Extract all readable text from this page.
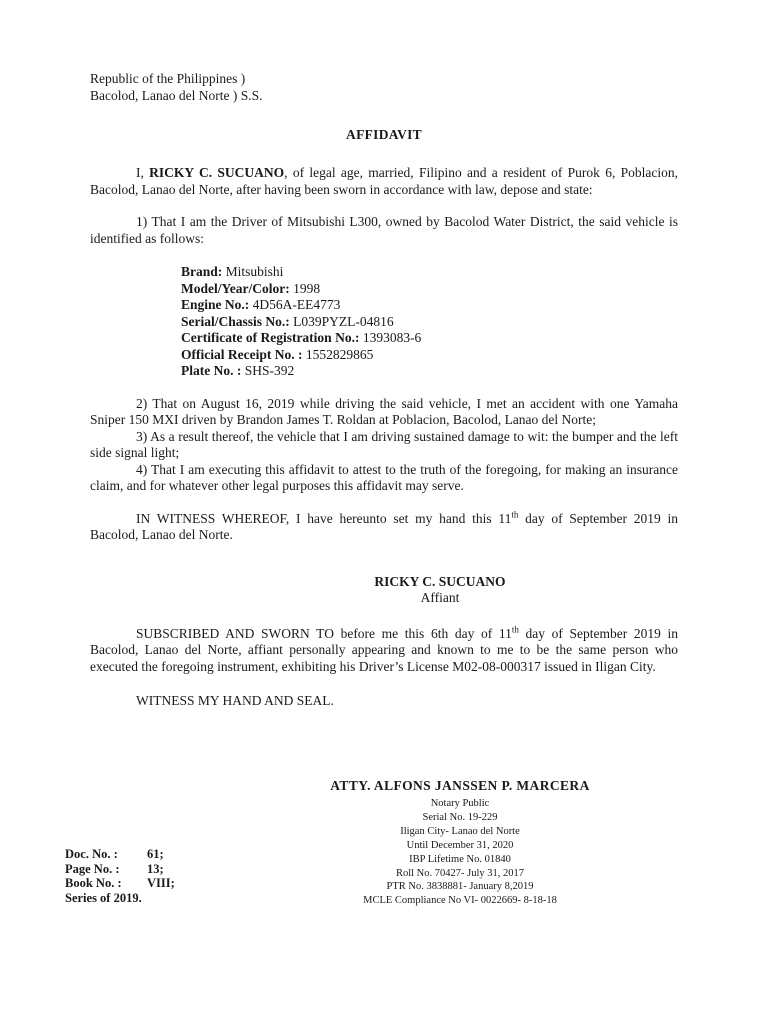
Republic of the Philippines )
Bacolod, Lanao del Norte ) S.S.
AFFIDAVIT

I, RICKY C. SUCUANO, of legal age, married, Filipino and a resident of Purok 6, Poblacion, Bacolod, Lanao del Norte, after having been sworn in accordance with law, depose and state:

1) That I am the Driver of Mitsubishi L300, owned by Bacolod Water District, the said vehicle is identified as follows:

Brand: Mitsubishi
Model/Year/Color: 1998
Engine No.: 4D56A-EE4773
Serial/Chassis No.: L039PYZL-04816
Certificate of Registration No.: 1393083-6
Official Receipt No. : 1552829865
Plate No. : SHS-392

2) That on August 16, 2019 while driving the said vehicle, I met an accident with one Yamaha Sniper 150 MXI driven by Brandon James T. Roldan at Poblacion, Bacolod, Lanao del Norte;

3) As a result thereof, the vehicle that I am driving sustained damage to wit: the bumper and the left side signal light;

4) That I am executing this affidavit to attest to the truth of the foregoing, for making an insurance claim, and for whatever other legal purposes this affidavit may serve.

IN WITNESS WHEREOF, I have hereunto set my hand this 11th day of September 2019 in Bacolod, Lanao del Norte.

RICKY C. SUCUANO
Affiant

SUBSCRIBED AND SWORN TO before me this 6th day of 11th day of September 2019 in Bacolod, Lanao del Norte, affiant personally appearing and known to me to be the same person who executed the foregoing instrument, exhibiting his Driver’s License M02-08-000317 issued in Iligan City.

WITNESS MY HAND AND SEAL.

ATTY. ALFONS JANSSEN P. MARCERA
Notary Public
Serial No. 19-229
Iligan City- Lanao del Norte
Until December 31, 2020
IBP Lifetime No. 01840
Roll No. 70427- July 31, 2017
PTR No. 3838881- January 8,2019
MCLE Compliance No VI- 0022669- 8-18-18
Doc. No. : 61;
Page No. : 13;
Book No. : VIII;
Series of 2019.
